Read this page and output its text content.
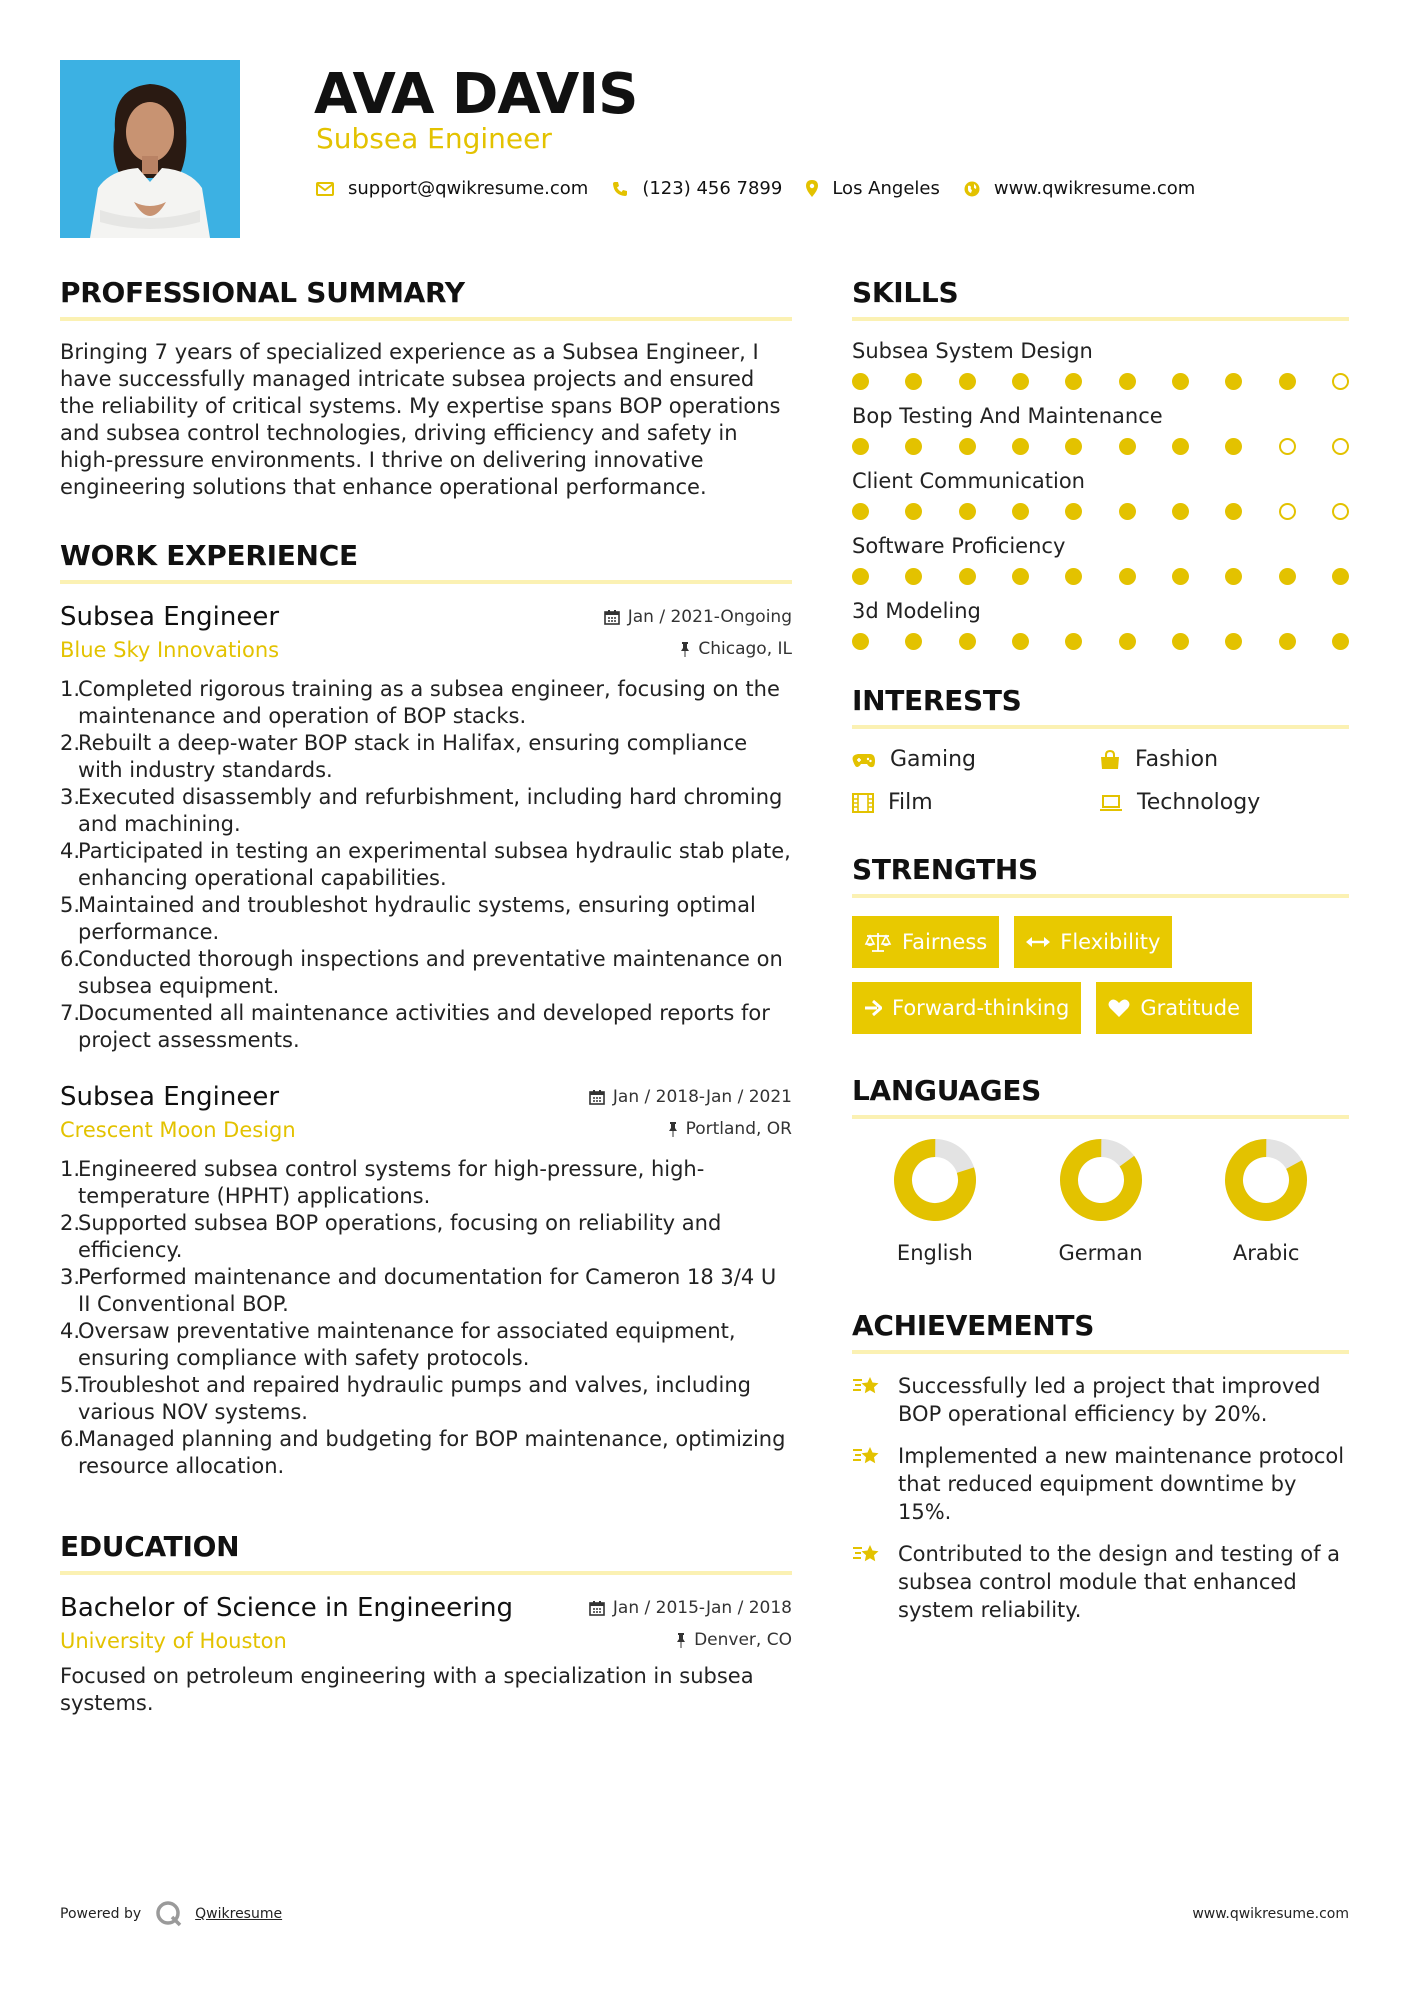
AVA DAVIS
Subsea Engineer
support@qwikresume.com	(123) 456 7899	Los Angeles	www.qwikresume.com
PROFESSIONAL SUMMARY
Bringing 7 years of specialized experience as a Subsea Engineer, I have successfully managed intricate subsea projects and ensured the reliability of critical systems. My expertise spans BOP operations and subsea control technologies, driving efficiency and safety in high-pressure environments. I thrive on delivering innovative engineering solutions that enhance operational performance.
WORK EXPERIENCE
Subsea Engineer	Jan / 2021-Ongoing
Blue Sky Innovations	Chicago, IL
Completed rigorous training as a subsea engineer, focusing on the maintenance and operation of BOP stacks.
Rebuilt a deep-water BOP stack in Halifax, ensuring compliance with industry standards.
Executed disassembly and refurbishment, including hard chroming and machining.
Participated in testing an experimental subsea hydraulic stab plate, enhancing operational capabilities.
Maintained and troubleshot hydraulic systems, ensuring optimal performance.
Conducted thorough inspections and preventative maintenance on subsea equipment.
Documented all maintenance activities and developed reports for project assessments.
Subsea Engineer	Jan / 2018-Jan / 2021
Crescent Moon Design	Portland, OR
Engineered subsea control systems for high-pressure, high-temperature (HPHT) applications.
Supported subsea BOP operations, focusing on reliability and efficiency.
Performed maintenance and documentation for Cameron 18 3/4 U II Conventional BOP.
Oversaw preventative maintenance for associated equipment, ensuring compliance with safety protocols.
Troubleshot and repaired hydraulic pumps and valves, including various NOV systems.
Managed planning and budgeting for BOP maintenance, optimizing resource allocation.
EDUCATION
Bachelor of Science in Engineering	Jan / 2015-Jan / 2018
University of Houston	Denver, CO
Focused on petroleum engineering with a specialization in subsea systems.
SKILLS
Subsea System Design
Bop Testing And Maintenance
Client Communication
Software Proficiency
3d Modeling
INTERESTS
Gaming	Fashion
Film	Technology
STRENGTHS
Fairness	Flexibility
Forward-thinking	Gratitude
LANGUAGES
English	German	Arabic
ACHIEVEMENTS
Successfully led a project that improved BOP operational efficiency by 20%.
Implemented a new maintenance protocol that reduced equipment downtime by 15%.
Contributed to the design and testing of a subsea control module that enhanced system reliability.
Powered by	Qwikresume	www.qwikresume.com
